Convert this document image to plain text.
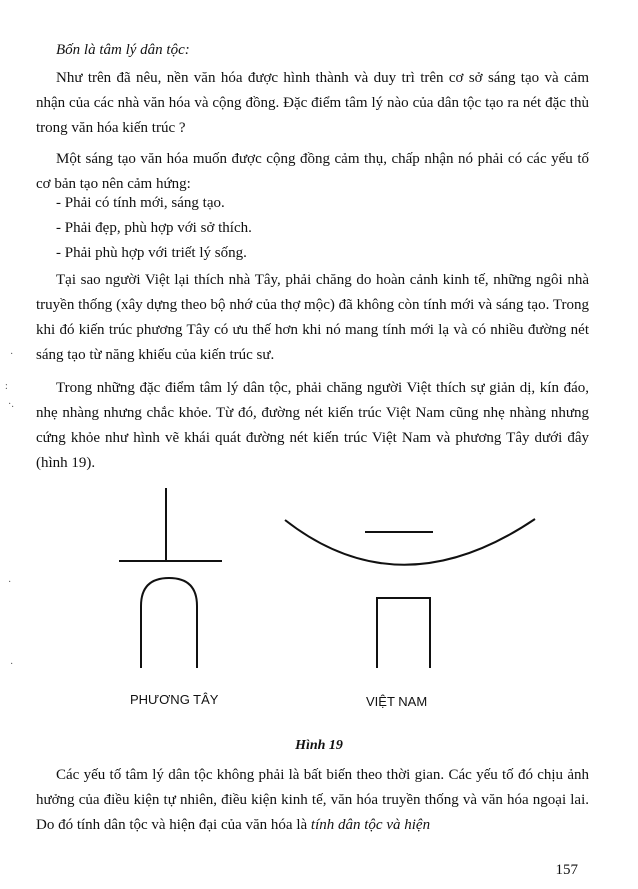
Bốn là tâm lý dân tộc:

Như trên đã nêu, nền văn hóa được hình thành và duy trì trên cơ sở sáng tạo và cảm nhận của các nhà văn hóa và cộng đồng. Đặc điểm tâm lý nào của dân tộc tạo ra nét đặc thù trong văn hóa kiến trúc ?

Một sáng tạo văn hóa muốn được cộng đồng cảm thụ, chấp nhận nó phải có các yếu tố cơ bản tạo nên cảm hứng:

- Phải có tính mới, sáng tạo.
- Phải đẹp, phù hợp với sở thích.
- Phải phù hợp với triết lý sống.

Tại sao người Việt lại thích nhà Tây, phải chăng do hoàn cảnh kinh tế, những ngôi nhà truyền thống (xây dựng theo bộ nhớ của thợ mộc) đã không còn tính mới và sáng tạo. Trong khi đó kiến trúc phương Tây có ưu thế hơn khi nó mang tính mới lạ và có nhiều đường nét sáng tạo từ năng khiếu của kiến trúc sư.

Trong những đặc điểm tâm lý dân tộc, phải chăng người Việt thích sự giản dị, kín đáo, nhẹ nhàng nhưng chắc khỏe. Từ đó, đường nét kiến trúc Việt Nam cũng nhẹ nhàng nhưng cứng khỏe như hình vẽ khái quát đường nét kiến trúc Việt Nam và phương Tây dưới đây (hình 19).

PHƯƠNG TÂY	VIỆT NAM
Hình 19

Các yếu tố tâm lý dân tộc không phải là bất biến theo thời gian. Các yếu tố đó chịu ảnh hưởng của điều kiện tự nhiên, điều kiện kinh tế, văn hóa truyền thống và văn hóa ngoại lai. Do đó tính dân tộc và hiện đại của văn hóa là tính dân tộc và hiện

157
·
:
·.
·
·
